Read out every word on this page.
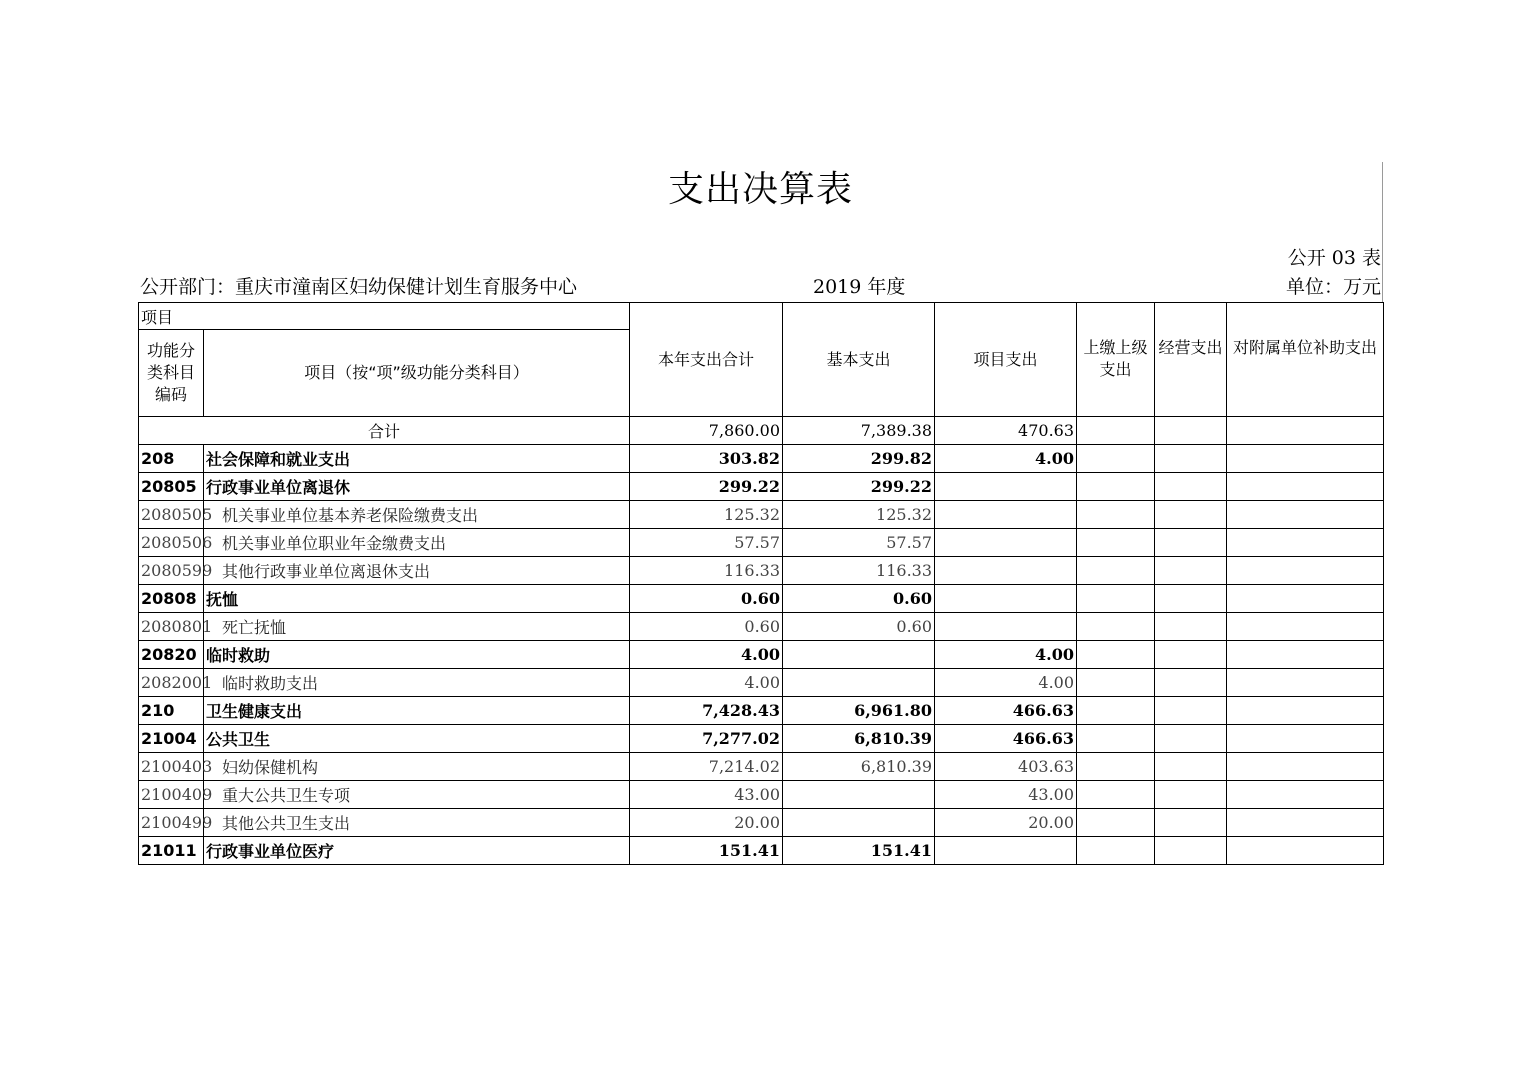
支出决算表
公开 03 表
公开部门：重庆市潼南区妇幼保健计划生育服务中心	2019 年度	单位：万元
项目		本年支出合计	基本支出	项目支出	上缴上级支出	经营支出	对附属单位补助支出
功能分类科目编码	项目（按“项”级功能分类科目）						
合计		7,860.00	7,389.38	470.63			
208	社会保障和就业支出	303.82	299.82	4.00			
20805	行政事业单位离退休	299.22	299.22				
2080505	机关事业单位基本养老保险缴费支出	125.32	125.32				
2080506	机关事业单位职业年金缴费支出	57.57	57.57				
2080599	其他行政事业单位离退休支出	116.33	116.33				
20808	抚恤	0.60	0.60				
2080801	死亡抚恤	0.60	0.60				
20820	临时救助	4.00		4.00			
2082001	临时救助支出	4.00		4.00			
210	卫生健康支出	7,428.43	6,961.80	466.63			
21004	公共卫生	7,277.02	6,810.39	466.63			
2100403	妇幼保健机构	7,214.02	6,810.39	403.63			
2100409	重大公共卫生专项	43.00		43.00			
2100499	其他公共卫生支出	20.00		20.00			
21011	行政事业单位医疗	151.41	151.41				
